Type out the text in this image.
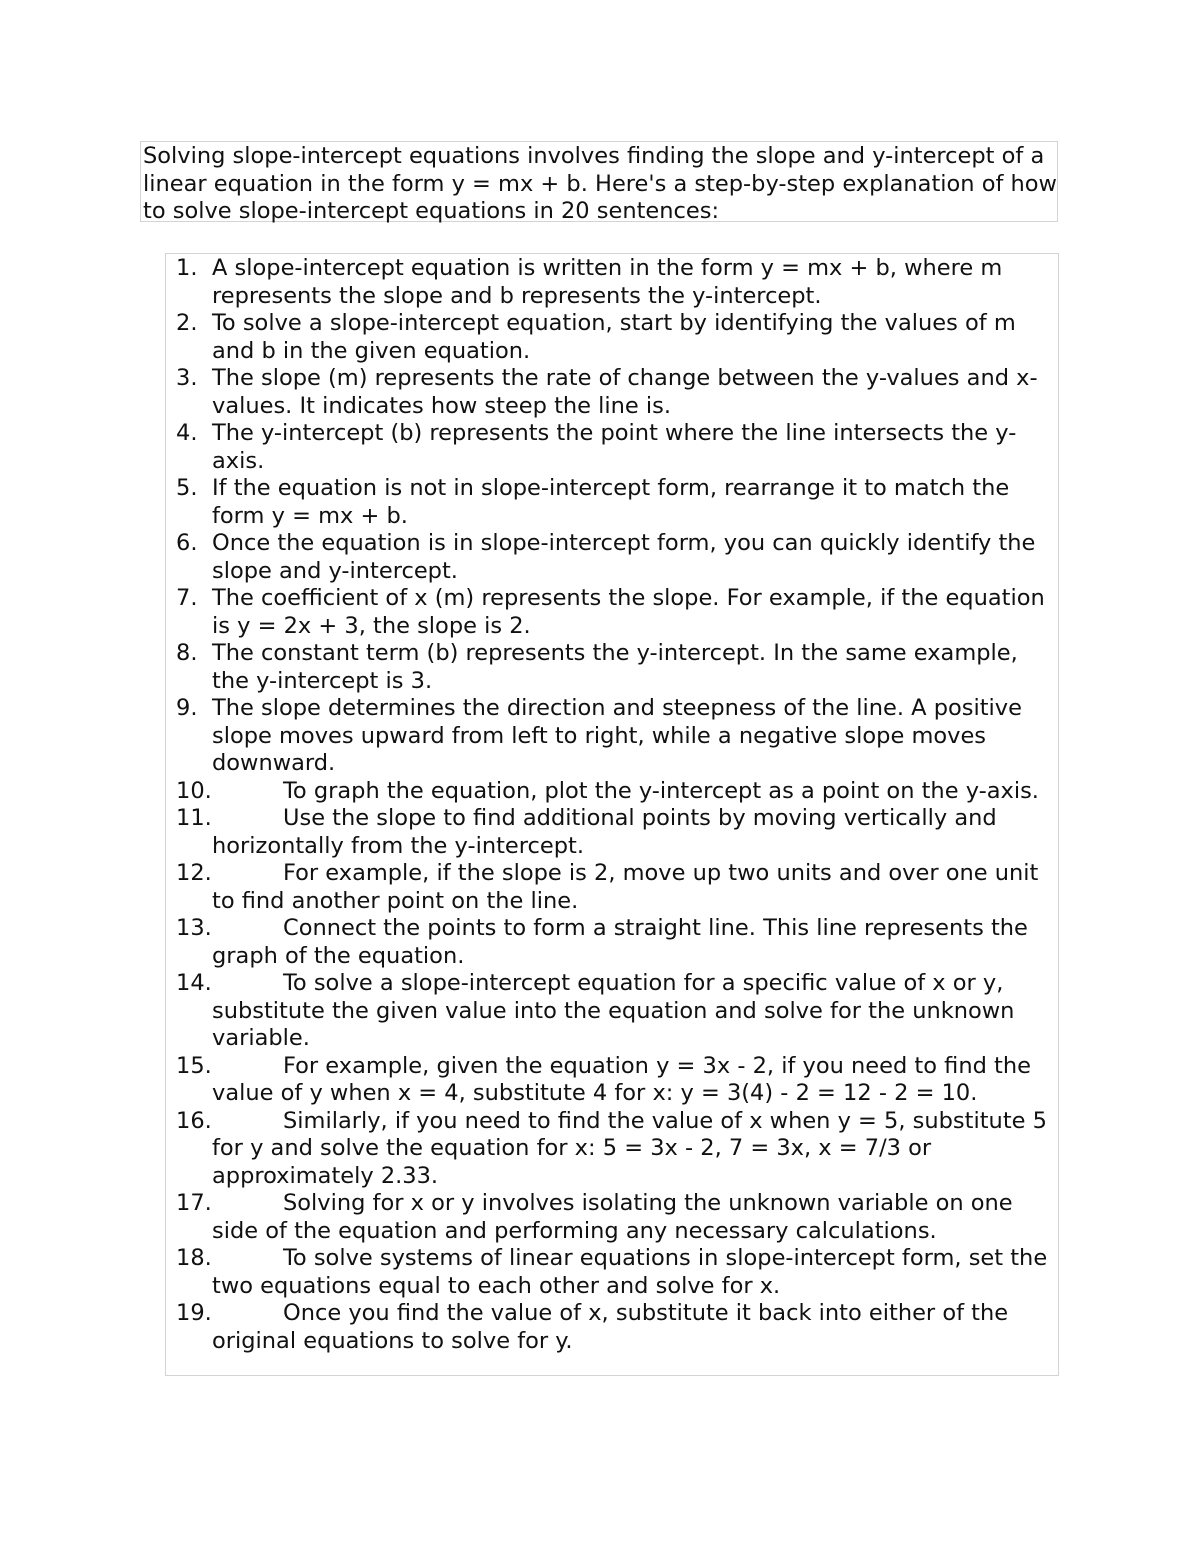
Solving slope-intercept equations involves finding the slope and y-intercept of a linear equation in the form y = mx + b. Here's a step-by-step explanation of how to solve slope-intercept equations in 20 sentences:
1. A slope-intercept equation is written in the form y = mx + b, where m represents the slope and b represents the y-intercept.
2. To solve a slope-intercept equation, start by identifying the values of m and b in the given equation.
3. The slope (m) represents the rate of change between the y-values and x-values. It indicates how steep the line is.
4. The y-intercept (b) represents the point where the line intersects the y-axis.
5. If the equation is not in slope-intercept form, rearrange it to match the form y = mx + b.
6. Once the equation is in slope-intercept form, you can quickly identify the slope and y-intercept.
7. The coefficient of x (m) represents the slope. For example, if the equation is y = 2x + 3, the slope is 2.
8. The constant term (b) represents the y-intercept. In the same example, the y-intercept is 3.
9. The slope determines the direction and steepness of the line. A positive slope moves upward from left to right, while a negative slope moves downward.
10.	To graph the equation, plot the y-intercept as a point on the y-axis.
11.	Use the slope to find additional points by moving vertically and horizontally from the y-intercept.
12.	For example, if the slope is 2, move up two units and over one unit to find another point on the line.
13.	Connect the points to form a straight line. This line represents the graph of the equation.
14.	To solve a slope-intercept equation for a specific value of x or y, substitute the given value into the equation and solve for the unknown variable.
15.	For example, given the equation y = 3x - 2, if you need to find the value of y when x = 4, substitute 4 for x: y = 3(4) - 2 = 12 - 2 = 10.
16.	Similarly, if you need to find the value of x when y = 5, substitute 5 for y and solve the equation for x: 5 = 3x - 2, 7 = 3x, x = 7/3 or approximately 2.33.
17.	Solving for x or y involves isolating the unknown variable on one side of the equation and performing any necessary calculations.
18.	To solve systems of linear equations in slope-intercept form, set the two equations equal to each other and solve for x.
19.	Once you find the value of x, substitute it back into either of the original equations to solve for y.
